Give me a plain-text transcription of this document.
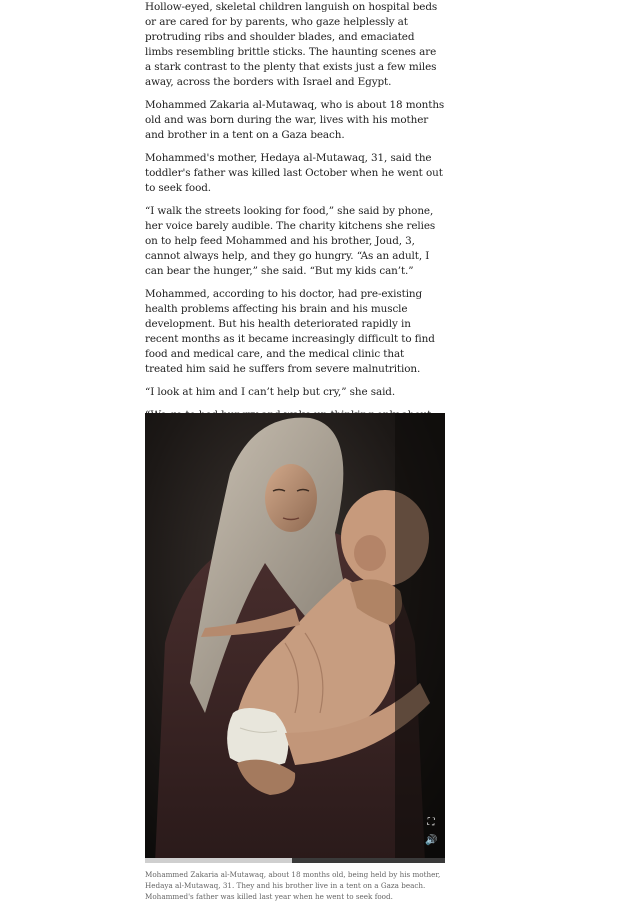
Hollow-eyed, skeletal children languish on hospital beds or are cared for by parents, who gaze helplessly at protruding ribs and shoulder blades, and emaciated limbs resembling brittle sticks. The haunting scenes are a stark contrast to the plenty that exists just a few miles away, across the borders with Israel and Egypt.

Mohammed Zakaria al-Mutawaq, who is about 18 months old and was born during the war, lives with his mother and brother in a tent on a Gaza beach.

Mohammed's mother, Hedaya al-Mutawaq, 31, said the toddler's father was killed last October when he went out to seek food.

“I walk the streets looking for food,” she said by phone, her voice barely audible. The charity kitchens she relies on to help feed Mohammed and his brother, Joud, 3, cannot always help, and they go hungry. “As an adult, I can bear the hunger,” she said. “But my kids can’t.”

Mohammed, according to his doctor, had pre-existing health problems affecting his brain and his muscle development. But his health deteriorated rapidly in recent months as it became increasingly difficult to find food and medical care, and the medical clinic that treated him said he suffers from severe malnutrition.

“I look at him and I can’t help but cry,” she said.

⛶
🔊

Mohammed Zakaria al-Mutawaq, about 18 months old, being held by his mother, Hedaya al-Mutawaq, 31. They and his brother live in a tent on a Gaza beach. Mohammed's father was killed last year when he went to seek food.
